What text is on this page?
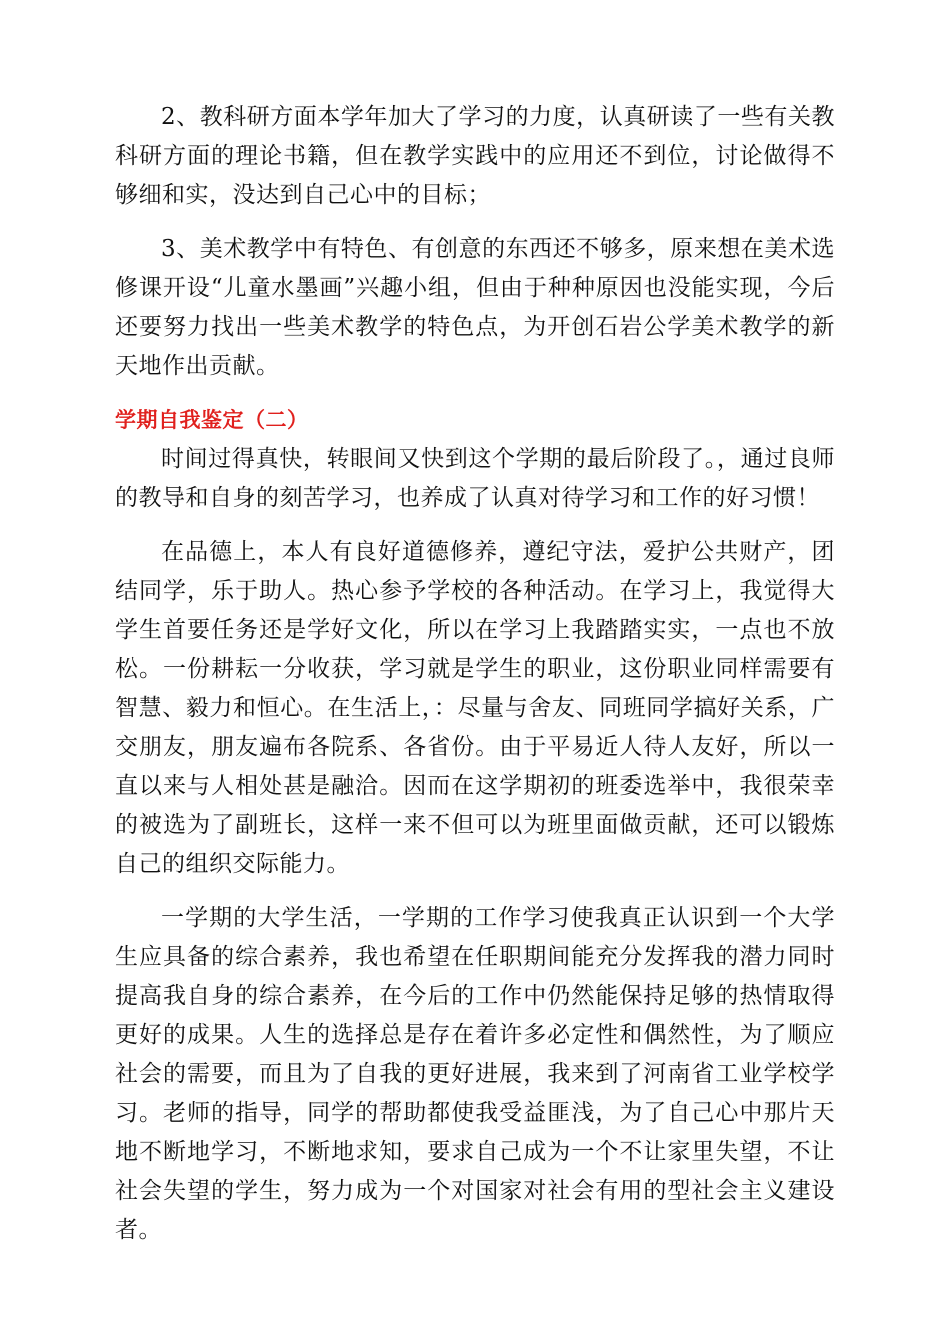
2、教科研方面本学年加大了学习的力度，认真研读了一些有关教科研方面的理论书籍，但在教学实践中的应用还不到位，讨论做得不够细和实，没达到自己心中的目标；

3、美术教学中有特色、有创意的东西还不够多，原来想在美术选修课开设“儿童水墨画”兴趣小组，但由于种种原因也没能实现，今后还要努力找出一些美术教学的特色点，为开创石岩公学美术教学的新天地作出贡献。

学期自我鉴定（二）

时间过得真快，转眼间又快到这个学期的最后阶段了。，通过良师的教导和自身的刻苦学习，也养成了认真对待学习和工作的好习惯！

在品德上，本人有良好道德修养，遵纪守法，爱护公共财产，团结同学，乐于助人。热心参予学校的各种活动。在学习上，我觉得大学生首要任务还是学好文化，所以在学习上我踏踏实实，一点也不放松。一份耕耘一分收获，学习就是学生的职业，这份职业同样需要有智慧、毅力和恒心。在生活上，：尽量与舍友、同班同学搞好关系，广交朋友，朋友遍布各院系、各省份。由于平易近人待人友好，所以一直以来与人相处甚是融洽。因而在这学期初的班委选举中，我很荣幸的被选为了副班长，这样一来不但可以为班里面做贡献，还可以锻炼自己的组织交际能力。

一学期的大学生活，一学期的工作学习使我真正认识到一个大学生应具备的综合素养，我也希望在任职期间能充分发挥我的潜力同时提高我自身的综合素养，在今后的工作中仍然能保持足够的热情取得更好的成果。人生的选择总是存在着许多必定性和偶然性，为了顺应社会的需要，而且为了自我的更好进展，我来到了河南省工业学校学习。老师的指导，同学的帮助都使我受益匪浅，为了自己心中那片天地不断地学习，不断地求知，要求自己成为一个不让家里失望，不让社会失望的学生，努力成为一个对国家对社会有用的型社会主义建设者。
